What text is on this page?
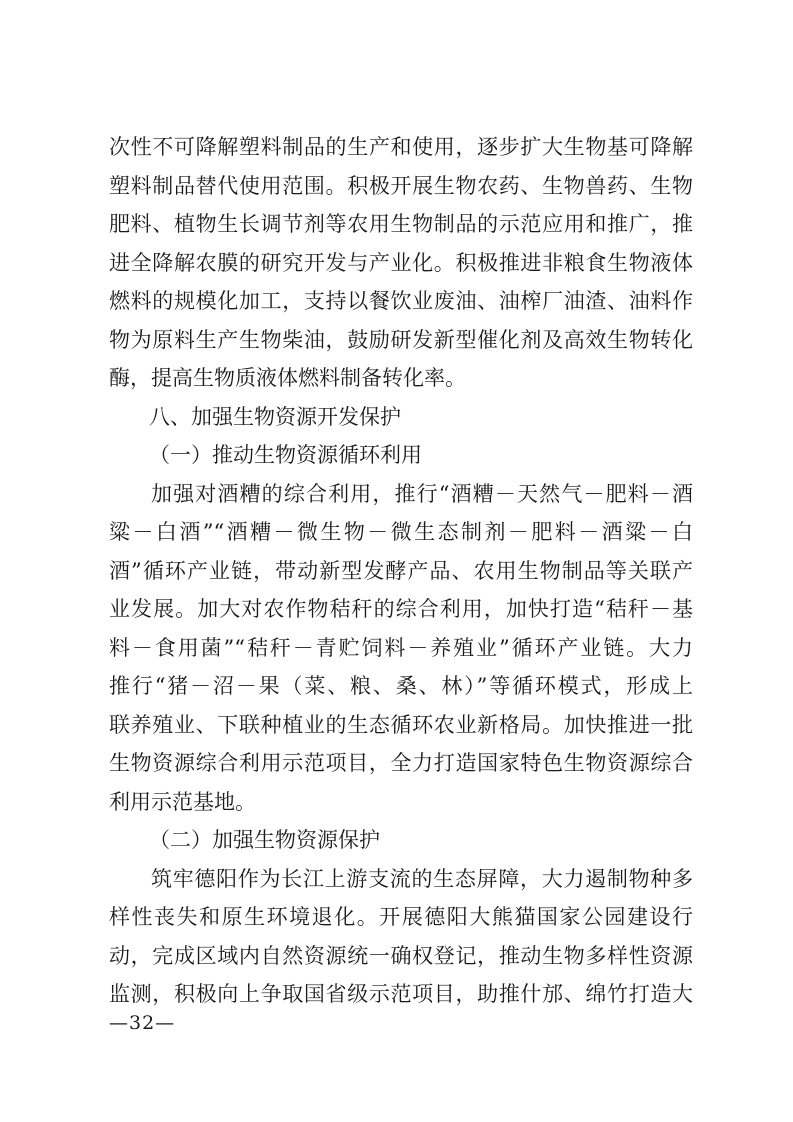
次性不可降解塑料制品的生产和使用，逐步扩大生物基可降解
塑料制品替代使用范围。积极开展生物农药、生物兽药、生物
肥料、植物生长调节剂等农用生物制品的示范应用和推广，推
进全降解农膜的研究开发与产业化。积极推进非粮食生物液体
燃料的规模化加工，支持以餐饮业废油、油榨厂油渣、油料作
物为原料生产生物柴油，鼓励研发新型催化剂及高效生物转化
酶，提高生物质液体燃料制备转化率。
八、加强生物资源开发保护
（一）推动生物资源循环利用
加强对酒糟的综合利用，推行“酒糟－天然气－肥料－酒
粱－白酒”“酒糟－微生物－微生态制剂－肥料－酒粱－白
酒”循环产业链，带动新型发酵产品、农用生物制品等关联产
业发展。加大对农作物秸秆的综合利用，加快打造“秸秆－基
料－食用菌”“秸秆－青贮饲料－养殖业”循环产业链。大力
推行“猪－沼－果（菜、粮、桑、林）”等循环模式，形成上
联养殖业、下联种植业的生态循环农业新格局。加快推进一批
生物资源综合利用示范项目，全力打造国家特色生物资源综合
利用示范基地。
（二）加强生物资源保护
筑牢德阳作为长江上游支流的生态屏障，大力遏制物种多
样性丧失和原生环境退化。开展德阳大熊猫国家公园建设行
动，完成区域内自然资源统一确权登记，推动生物多样性资源
监测，积极向上争取国省级示范项目，助推什邡、绵竹打造大
—32—
